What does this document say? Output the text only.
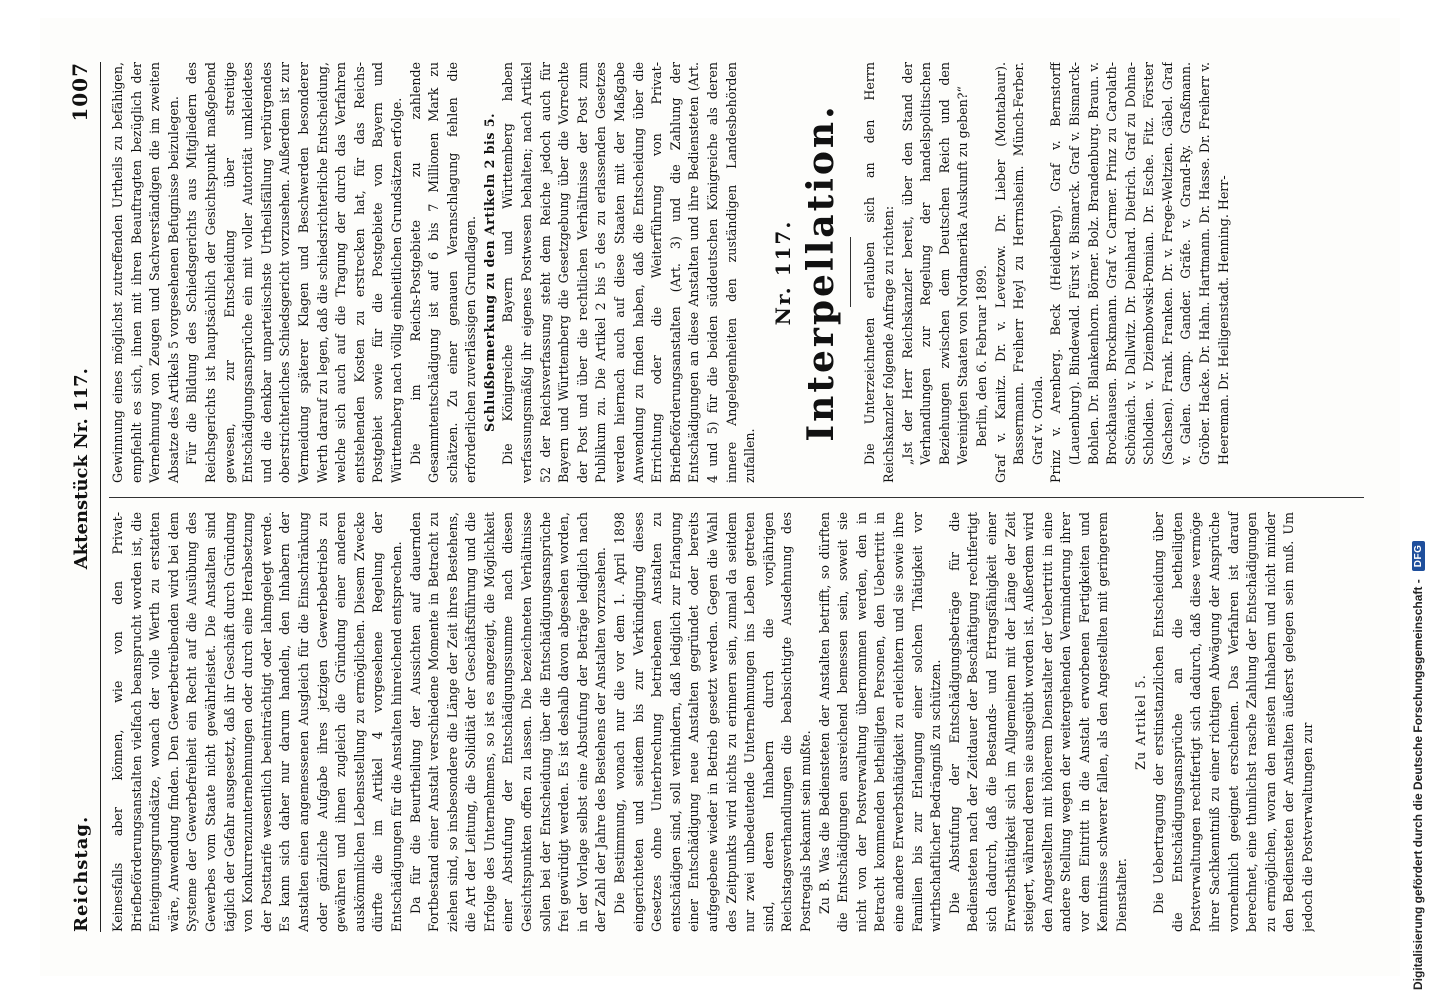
Reichstag.
Aktenstück Nr. 117.
1007

Keinesfalls aber können, wie von den Privat-Briefbeförderungsanstalten vielfach beansprucht worden ist, die Enteignungsgrundsätze, wonach der volle Werth zu erstatten wäre, Anwendung finden. Den Gewerbetreibenden wird bei dem Systeme der Gewerbefreiheit ein Recht auf die Ausübung des Gewerbes vom Staate nicht gewährleistet. Die Anstalten sind täglich der Gefahr ausgesetzt, daß ihr Geschäft durch Gründung von Konkurrenzunternehmungen oder durch eine Herabsetzung der Posttarife wesentlich beeinträchtigt oder lahmgelegt werde. Es kann sich daher nur darum handeln, den Inhabern der Anstalten einen angemessenen Ausgleich für die Einschränkung oder gänzliche Aufgabe ihres jetzigen Gewerbebetriebs zu gewähren und ihnen zugleich die Gründung einer anderen auskömmlichen Lebensstellung zu ermöglichen. Diesem Zwecke dürfte die im Artikel 4 vorgesehene Regelung der Entschädigungen für die Anstalten hinreichend entsprechen. Da für die Beurtheilung der Aussichten auf dauernden Fortbestand einer Anstalt verschiedene Momente in Betracht zu ziehen sind, so insbesondere die Länge der Zeit ihres Bestehens, die Art der Leitung, die Solidität der Geschäftsführung und die Erfolge des Unternehmens, so ist es angezeigt, die Möglichkeit einer Abstufung der Entschädigungssumme nach diesen Gesichtspunkten offen zu lassen. Die bezeichneten Verhältnisse sollen bei der Entscheidung über die Entschädigungsansprüche frei gewürdigt werden. Es ist deshalb davon abgesehen worden, in der Vorlage selbst eine Abstufung der Beträge lediglich nach der Zahl der Jahre des Bestehens der Anstalten vorzusehen. Die Bestimmung, wonach nur die vor dem 1. April 1898 eingerichteten und seitdem bis zur Verkündigung dieses Gesetzes ohne Unterbrechung betriebenen Anstalten zu entschädigen sind, soll verhindern, daß lediglich zur Erlangung einer Entschädigung neue Anstalten gegründet oder bereits aufgegebene wieder in Betrieb gesetzt werden. Gegen die Wahl des Zeitpunkts wird nichts zu erinnern sein, zumal da seitdem nur zwei unbedeutende Unternehmungen ins Leben getreten sind, deren Inhabern durch die vorjährigen Reichstagsverhandlungen die beabsichtigte Ausdehnung des Postregals bekannt sein mußte. Zu B. Was die Bediensteten der Anstalten betrifft, so dürften die Entschädigungen ausreichend bemessen sein, soweit sie nicht von der Postverwaltung übernommen werden, den in Betracht kommenden betheiligten Personen, den Uebertritt in eine andere Erwerbsthätigkeit zu erleichtern und sie sowie ihre Familien bis zur Erlangung einer solchen Thätigkeit vor wirthschaftlicher Bedrängniß zu schützen. Die Abstufung der Entschädigungsbeträge für die Bediensteten nach der Zeitdauer der Beschäftigung rechtfertigt sich dadurch, daß die Bestands- und Ertragsfähigkeit einer Erwerbsthätigkeit sich im Allgemeinen mit der Länge der Zeit steigert, während deren sie ausgeübt worden ist. Außerdem wird den Angestellten mit höherem Dienstalter der Uebertritt in eine andere Stellung wegen der weitergehenden Verminderung ihrer vor dem Eintritt in die Anstalt erworbenen Fertigkeiten und Kenntnisse schwerer fallen, als den Angestellten mit geringerem Dienstalter.

Zu Artikel 5. Die Uebertragung der erstinstanzlichen Entscheidung über die Entschädigungsansprüche an die betheiligten Postverwaltungen rechtfertigt sich dadurch, daß diese vermöge ihrer Sachkenntniß zu einer richtigen Abwägung der Ansprüche vornehmlich geeignet erscheinen. Das Verfahren ist darauf berechnet, eine thunlichst rasche Zahlung der Entschädigungen zu ermöglichen, woran den meisten Inhabern und nicht minder den Bediensteten der Anstalten äußerst gelegen sein muß. Um jedoch die Postverwaltungen zur

Gewinnung eines möglichst zutreffenden Urtheils zu befähigen, empfiehlt es sich, ihnen mit ihren Beauftragten bezüglich der Vernehmung von Zeugen und Sachverständigen die im zweiten Absatze des Artikels 5 vorgesehenen Befugnisse beizulegen. Für die Bildung des Schiedsgerichts aus Mitgliedern des Reichsgerichts ist hauptsächlich der Gesichtspunkt maßgebend gewesen, zur Entscheidung über streitige Entschädigungsansprüche ein mit voller Autorität umkleidetes und die denkbar unparteiischste Urtheilsfällung verbürgendes oberstrichterliches Schiedsgericht vorzusehen. Außerdem ist zur Vermeidung späterer Klagen und Beschwerden besonderer Werth darauf zu legen, daß die schiedsrichterliche Entscheidung, welche sich auch auf die Tragung der durch das Verfahren entstehenden Kosten zu erstrecken hat, für das Reichs-Postgebiet sowie für die Postgebiete von Bayern und Württemberg nach völlig einheitlichen Grundsätzen erfolge. Die im Reichs-Postgebiete zu zahlende Gesammtentschädigung ist auf 6 bis 7 Millionen Mark zu schätzen. Zu einer genauen Veranschlagung fehlen die erforderlichen zuverlässigen Grundlagen. Schlußbemerkung zu den Artikeln 2 bis 5. Die Königreiche Bayern und Württemberg haben verfassungsmäßig ihr eigenes Postwesen behalten; nach Artikel 52 der Reichsverfassung steht dem Reiche jedoch auch für Bayern und Württemberg die Gesetzgebung über die Vorrechte der Post und über die rechtlichen Verhältnisse der Post zum Publikum zu. Die Artikel 2 bis 5 des zu erlassenden Gesetzes werden hiernach auch auf diese Staaten mit der Maßgabe Anwendung zu finden haben, daß die Entscheidung über die Errichtung oder die Weiterführung von Privat-Briefbeförderungsanstalten (Art. 3) und die Zahlung der Entschädigungen an diese Anstalten und ihre Bediensteten (Art. 4 und 5) für die beiden süddeutschen Königreiche als deren innere Angelegenheiten den zuständigen Landesbehörden zufallen.

Nr. 117. Interpellation. Die Unterzeichneten erlauben sich an den Herrn Reichskanzler folgende Anfrage zu richten: „Ist der Herr Reichskanzler bereit, über den Stand der Verhandlungen zur Regelung der handelspolitischen Beziehungen zwischen dem Deutschen Reich und den Vereinigten Staaten von Nordamerika Auskunft zu geben?“ Berlin, den 6. Februar 1899. Graf v. Kanitz. Dr. v. Levetzow. Dr. Lieber (Montabaur). Bassermann. Freiherr Heyl zu Herrnsheim. Münch-Ferber. Graf v. Oriola. Prinz v. Arenberg. Beck (Heidelberg). Graf v. Bernstorff (Lauenburg). Bindewald. Fürst v. Bismarck. Graf v. Bismarck-Bohlen. Dr. Blankenhorn. Börner. Bolz. Brandenburg. Braun. v. Brockhausen. Brockmann. Graf v. Carmer. Prinz zu Carolath-Schönaich. v. Dallwitz. Dr. Deinhard. Dietrich. Graf zu Dohna-Schlodien. v. Dziembowski-Pomian. Dr. Esche. Fitz. Förster (Sachsen). Frank. Franken. Dr. v. Frege-Weltzien. Gäbel. Graf v. Galen. Gamp. Gander. Gräfe. v. Grand-Ry. Graßmann. Gröber. Hacke. Dr. Hahn. Hartmann. Dr. Hasse. Dr. Freiherr v. Heereman. Dr. Heiligenstadt. Henning. Herr-

Digitalisierung gefördert durch die Deutsche Forschungsgemeinschaft -
DFG
